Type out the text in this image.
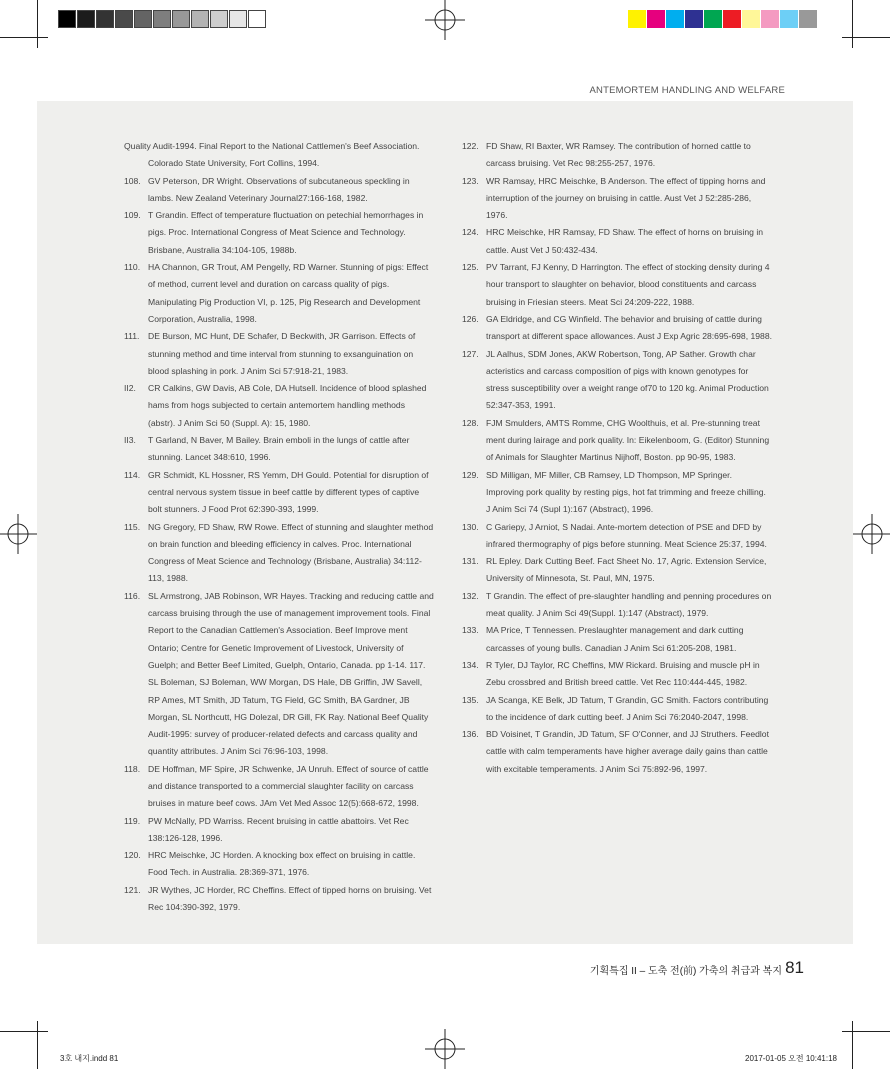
ANTEMORTEM HANDLING AND WELFARE
Quality Audit-1994. Final Report to the National Cattlemen's Beef Association. Colorado State University, Fort Collins, 1994.
108. GV Peterson, DR Wright. Observations of subcutaneous speckling in lambs. New Zealand Veterinary Journal27:166-168, 1982.
109. T Grandin. Effect of temperature fluctuation on petechial hemorrhages in pigs. Proc. International Congress of Meat Science and Technology. Brisbane, Australia 34:104-105, 1988b.
110. HA Channon, GR Trout, AM Pengelly, RD Warner. Stunning of pigs: Effect of method, current level and duration on carcass quality of pigs. Manipulating Pig Production VI, p. 125, Pig Research and Development Corporation, Australia, 1998.
111. DE Burson, MC Hunt, DE Schafer, D Beckwith, JR Garrison. Effects of stunning method and time interval from stunning to exsanguination on blood splashing in pork. J Anim Sci 57:918-21, 1983.
II2. CR Calkins, GW Davis, AB Cole, DA Hutsell. Incidence of blood splashed hams from hogs subjected to certain antemortem handling methods (abstr). J Anim Sci 50 (Suppl. A): 15, 1980.
II3. T Garland, N Baver, M Bailey. Brain emboli in the lungs of cattle after stunning. Lancet 348:610, 1996.
114. GR Schmidt, KL Hossner, RS Yemm, DH Gould. Potential for disruption of central nervous system tissue in beef cattle by different types of captive bolt stunners. J Food Prot 62:390-393, 1999.
115. NG Gregory, FD Shaw, RW Rowe. Effect of stunning and slaughter method on brain function and bleeding efficiency in calves. Proc. International Congress of Meat Science and Technology (Brisbane, Australia) 34:112-113, 1988.
116. SL Armstrong, JAB Robinson, WR Hayes. Tracking and reducing cattle and carcass bruising through the use of management improvement tools. Final Report to the Canadian Cattlemen's Association. Beef Improve ment Ontario; Centre for Genetic Improvement of Livestock, University of Guelph; and Better Beef Limited, Guelph, Ontario, Canada. pp 1-14. 117. SL Boleman, SJ Boleman, WW Morgan, DS Hale, DB Griffin, JW Savell, RP Ames, MT Smith, JD Tatum, TG Field, GC Smith, BA Gardner, JB Morgan, SL Northcutt, HG Dolezal, DR Gill, FK Ray. National Beef Quality Audit-1995: survey of producer-related defects and carcass quality and quantity attributes. J Anim Sci 76:96-103, 1998.
118. DE Hoffman, MF Spire, JR Schwenke, JA Unruh. Effect of source of cattle and distance transported to a commercial slaughter facility on carcass bruises in mature beef cows. JAm Vet Med Assoc 12(5):668-672, 1998.
119. PW McNally, PD Warriss. Recent bruising in cattle abattoirs. Vet Rec 138:126-128, 1996.
120. HRC Meischke, JC Horden. A knocking box effect on bruising in cattle. Food Tech. in Australia. 28:369-371, 1976.
121. JR Wythes, JC Horder, RC Cheffins. Effect of tipped horns on bruising. Vet Rec 104:390-392, 1979.
122. FD Shaw, RI Baxter, WR Ramsey. The contribution of horned cattle to carcass bruising. Vet Rec 98:255-257, 1976.
123. WR Ramsay, HRC Meischke, B Anderson. The effect of tipping horns and interruption of the journey on bruising in cattle. Aust Vet J 52:285-286, 1976.
124. HRC Meischke, HR Ramsay, FD Shaw. The effect of horns on bruising in cattle. Aust Vet J 50:432-434.
125. PV Tarrant, FJ Kenny, D Harrington. The effect of stocking density during 4 hour transport to slaughter on behavior, blood constituents and carcass bruising in Friesian steers. Meat Sci 24:209-222, 1988.
126. GA Eldridge, and CG Winfield. The behavior and bruising of cattle during transport at different space allowances. Aust J Exp Agric 28:695-698, 1988.
127. JL Aalhus, SDM Jones, AKW Robertson, Tong, AP Sather. Growth char acteristics and carcass composition of pigs with known genotypes for stress susceptibility over a weight range of70 to 120 kg. Animal Production 52:347-353, 1991.
128. FJM Smulders, AMTS Romme, CHG Woolthuis, et al. Pre-stunning treat ment during lairage and pork quality. In: Eikelenboom, G. (Editor) Stunning of Animals for Slaughter Martinus Nijhoff, Boston. pp 90-95, 1983.
129. SD Milligan, MF Miller, CB Ramsey, LD Thompson, MP Springer. Improving pork quality by resting pigs, hot fat trimming and freeze chilling. J Anim Sci 74 (Supl 1):167 (Abstract), 1996.
130. C Gariepy, J Arniot, S Nadai. Ante-mortem detection of PSE and DFD by infrared thermography of pigs before stunning. Meat Science 25:37, 1994.
131. RL Epley. Dark Cutting Beef. Fact Sheet No. 17, Agric. Extension Service, University of Minnesota, St. Paul, MN, 1975.
132. T Grandin. The effect of pre-slaughter handling and penning procedures on meat quality. J Anim Sci 49(Suppl. 1):147 (Abstract), 1979.
133. MA Price, T Tennessen. Preslaughter management and dark cutting carcasses of young bulls. Canadian J Anim Sci 61:205-208, 1981.
134. R Tyler, DJ Taylor, RC Cheffins, MW Rickard. Bruising and muscle pH in Zebu crossbred and British breed cattle. Vet Rec 110:444-445, 1982.
135. JA Scanga, KE Belk, JD Tatum, T Grandin, GC Smith. Factors contributing to the incidence of dark cutting beef. J Anim Sci 76:2040-2047, 1998.
136. BD Voisinet, T Grandin, JD Tatum, SF O'Conner, and JJ Struthers. Feedlot cattle with calm temperaments have higher average daily gains than cattle with excitable temperaments. J Anim Sci 75:892-96, 1997.
기획특집 II – 도축 전(前) 가축의 취급과 복지 81
3호 내지.indd 81	2017-01-05 오전 10:41:18
